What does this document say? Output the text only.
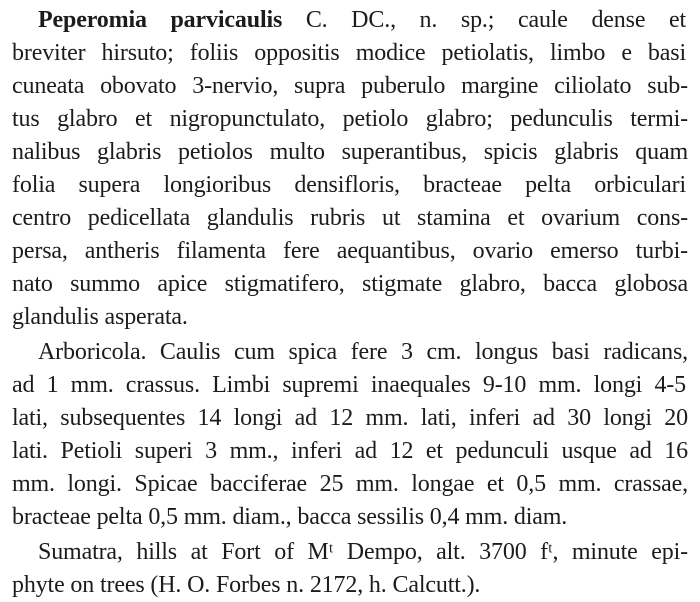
Peperomia parvicaulis C. DC., n. sp.; caule dense et
breviter hirsuto; foliis oppositis modice petiolatis, limbo e basi
cuneata obovato 3-nervio, supra puberulo margine ciliolato sub-
tus glabro et nigropunctulato, petiolo glabro; pedunculis termi-
nalibus glabris petiolos multo superantibus, spicis glabris quam
folia supera longioribus densifloris, bracteae pelta orbiculari
centro pedicellata glandulis rubris ut stamina et ovarium cons-
persa, antheris filamenta fere aequantibus, ovario emerso turbi-
nato summo apice stigmatifero, stigmate glabro, bacca globosa
glandulis asperata.
Arboricola. Caulis cum spica fere 3 cm. longus basi radicans,
ad 1 mm. crassus. Limbi supremi inaequales 9-10 mm. longi 4-5
lati, subsequentes 14 longi ad 12 mm. lati, inferi ad 30 longi 20
lati. Petioli superi 3 mm., inferi ad 12 et pedunculi usque ad 16
mm. longi. Spicae bacciferae 25 mm. longae et 0,5 mm. crassae,
bracteae pelta 0,5 mm. diam., bacca sessilis 0,4 mm. diam.
Sumatra, hills at Fort of Mᵗ Dempo, alt. 3700 fᵗ, minute epi-
phyte on trees (H. O. Forbes n. 2172, h. Calcutt.).
